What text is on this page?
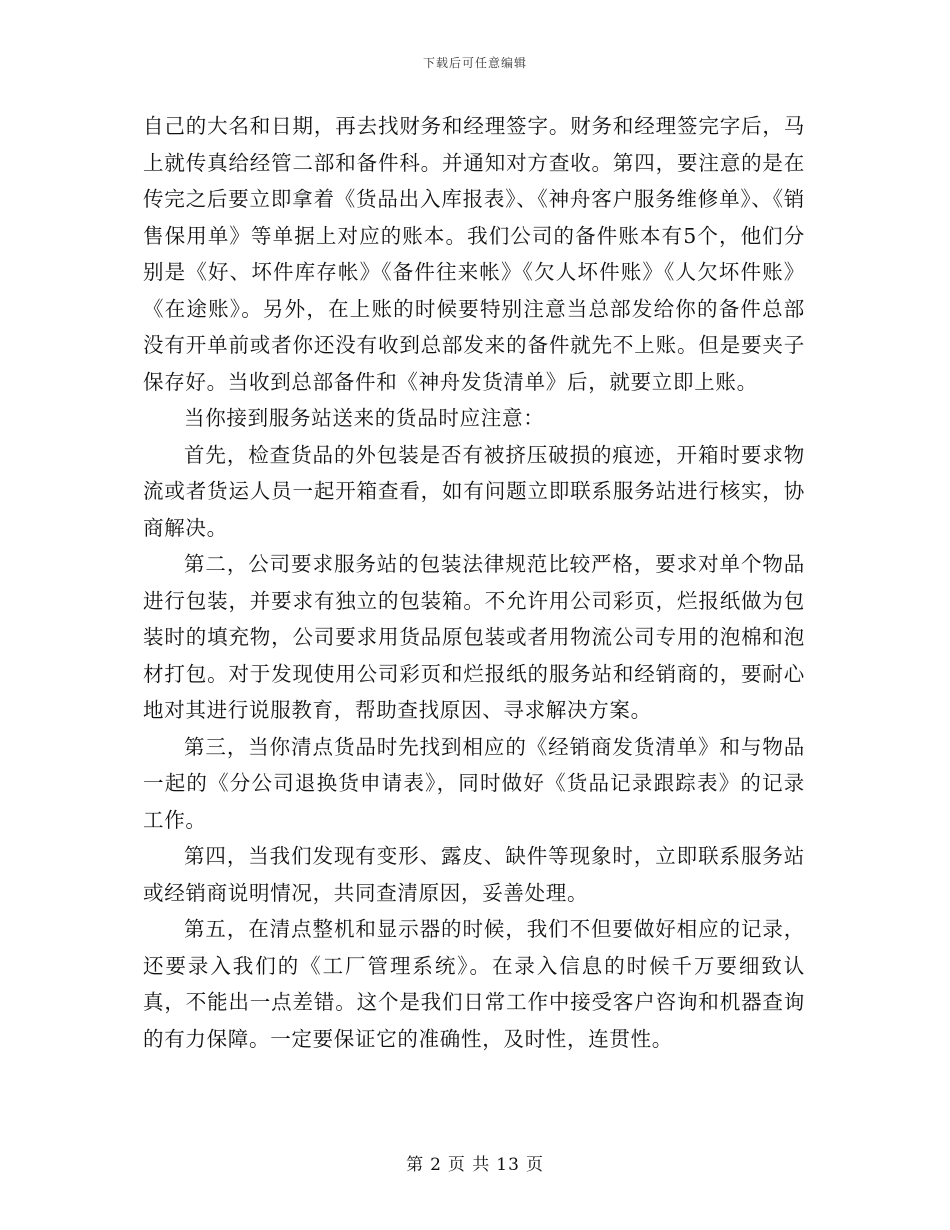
下载后可任意编辑

自己的大名和日期，再去找财务和经理签字。财务和经理签完字后，马上就传真给经管二部和备件科。并通知对方查收。第四，要注意的是在传完之后要立即拿着《货品出入库报表》、《神舟客户服务维修单》、《销售保用单》等单据上对应的账本。我们公司的备件账本有5个，他们分别是《好、坏件库存帐》《备件往来帐》《欠人坏件账》《人欠坏件账》《在途账》。另外，在上账的时候要特别注意当总部发给你的备件总部没有开单前或者你还没有收到总部发来的备件就先不上账。但是要夹子保存好。当收到总部备件和《神舟发货清单》后，就要立即上账。

当你接到服务站送来的货品时应注意：

首先，检查货品的外包装是否有被挤压破损的痕迹，开箱时要求物流或者货运人员一起开箱查看，如有问题立即联系服务站进行核实，协商解决。

第二，公司要求服务站的包装法律规范比较严格，要求对单个物品进行包装，并要求有独立的包装箱。不允许用公司彩页，烂报纸做为包装时的填充物，公司要求用货品原包装或者用物流公司专用的泡棉和泡材打包。对于发现使用公司彩页和烂报纸的服务站和经销商的，要耐心地对其进行说服教育，帮助查找原因、寻求解决方案。

第三，当你清点货品时先找到相应的《经销商发货清单》和与物品一起的《分公司退换货申请表》，同时做好《货品记录跟踪表》的记录工作。

第四，当我们发现有变形、露皮、缺件等现象时，立即联系服务站或经销商说明情况，共同查清原因，妥善处理。

第五，在清点整机和显示器的时候，我们不但要做好相应的记录，还要录入我们的《工厂管理系统》。在录入信息的时候千万要细致认真，不能出一点差错。这个是我们日常工作中接受客户咨询和机器查询的有力保障。一定要保证它的准确性，及时性，连贯性。

第 2 页 共 13 页
